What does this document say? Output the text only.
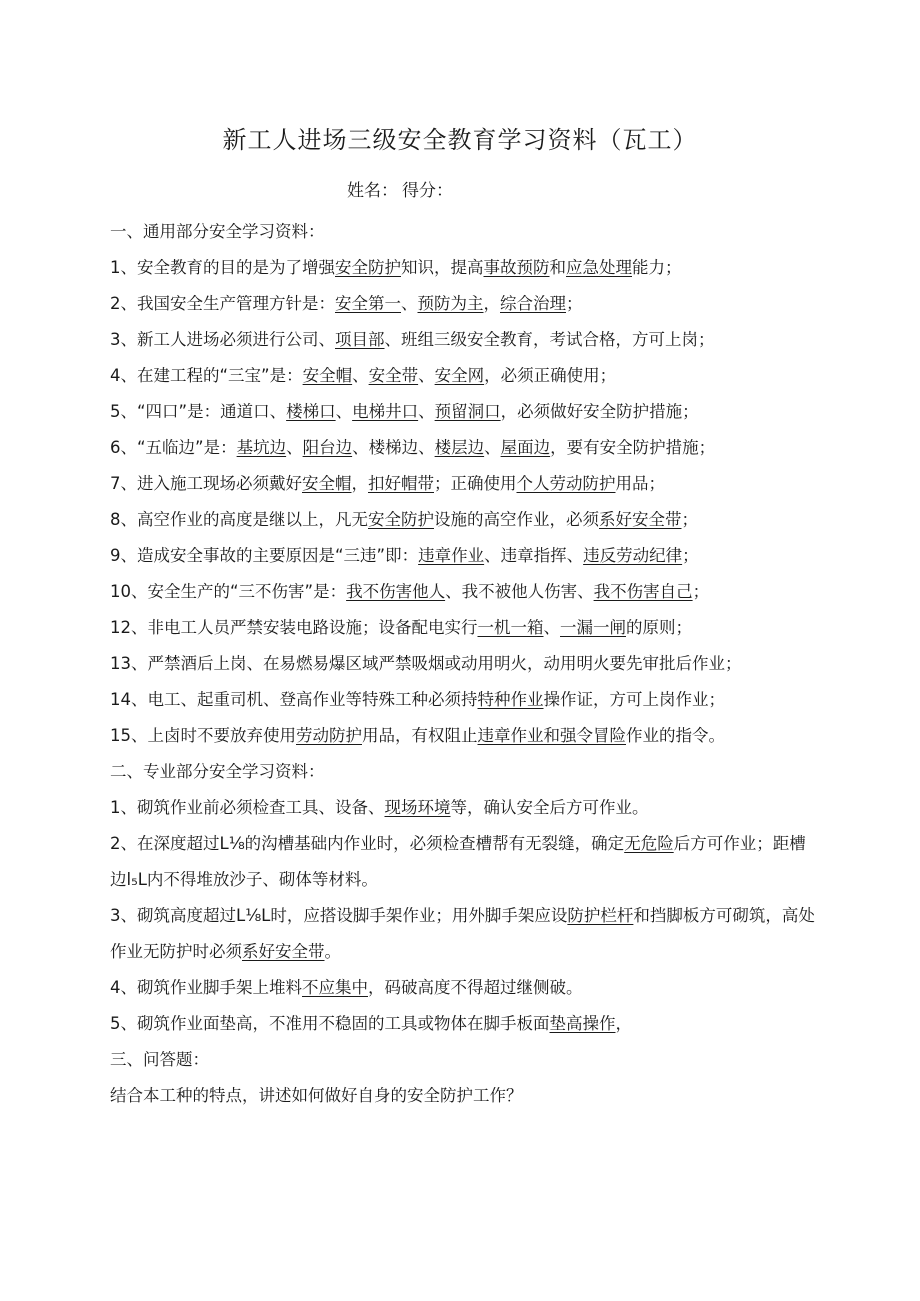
新工人进场三级安全教育学习资料（瓦工）
姓名： 得分：
一、通用部分安全学习资料：
1、安全教育的目的是为了增强安全防护知识，提高事故预防和应急处理能力；
2、我国安全生产管理方针是：安全第一、预防为主，综合治理；
3、新工人进场必须进行公司、项目部、班组三级安全教育，考试合格，方可上岗；
4、在建工程的“三宝”是：安全帽、安全带、安全网，必须正确使用；
5、“四口”是：通道口、楼梯口、电梯井口、预留洞口，必须做好安全防护措施；
6、“五临边”是：基坑边、阳台边、楼梯边、楼层边、屋面边，要有安全防护措施；
7、进入施工现场必须戴好安全帽，扣好帽带；正确使用个人劳动防护用品；
8、高空作业的高度是继以上，凡无安全防护设施的高空作业，必须系好安全带；
9、造成安全事故的主要原因是“三违”即：违章作业、违章指挥、违反劳动纪律；
10、安全生产的“三不伤害”是：我不伤害他人、我不被他人伤害、我不伤害自己；
12、非电工人员严禁安装电路设施；设备配电实行一机一箱、一漏一闸的原则；
13、严禁酒后上岗、在易燃易爆区域严禁吸烟或动用明火，动用明火要先审批后作业；
14、电工、起重司机、登高作业等特殊工种必须持特种作业操作证，方可上岗作业；
15、上卤时不要放弃使用劳动防护用品，有权阻止违章作业和强令冒险作业的指令。
二、专业部分安全学习资料：
1、砌筑作业前必须检查工具、设备、现场环境等，确认安全后方可作业。
2、在深度超过L⅛的沟槽基础内作业时，必须检查槽帮有无裂缝，确定无危险后方可作业；距槽边l₅L内不得堆放沙子、砌体等材料。
3、砌筑高度超过L⅛L时，应搭设脚手架作业；用外脚手架应设防护栏杆和挡脚板方可砌筑，高处作业无防护时必须系好安全带。
4、砌筑作业脚手架上堆料不应集中，码破高度不得超过继侧破。
5、砌筑作业面垫高，不准用不稳固的工具或物体在脚手板面垫高操作，
三、问答题：
结合本工种的特点，讲述如何做好自身的安全防护工作？
